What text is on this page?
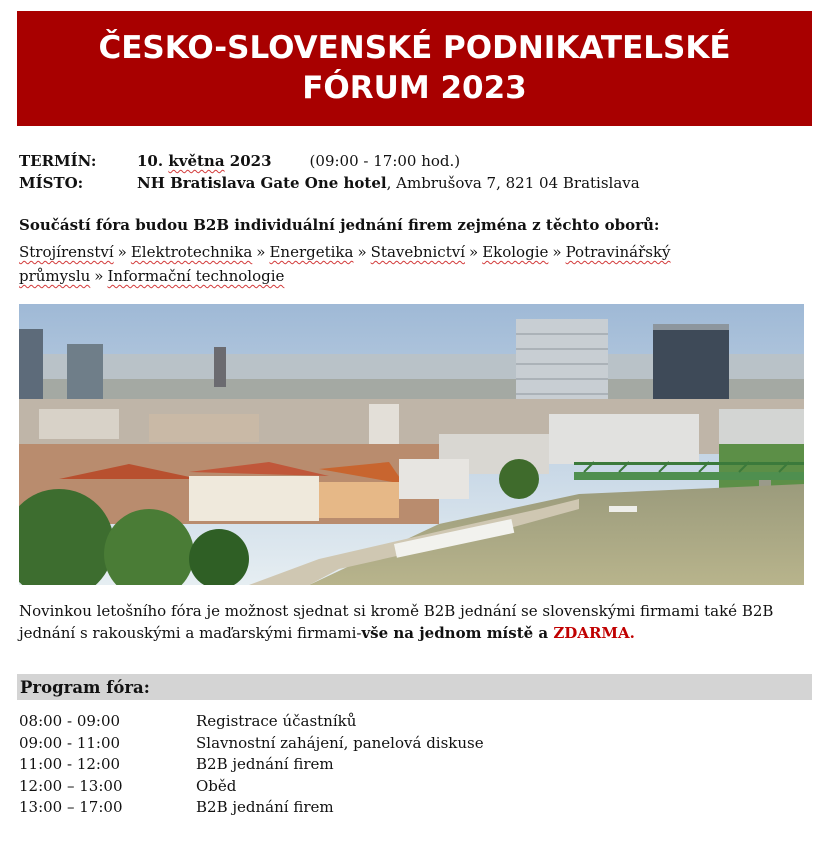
ČESKO-SLOVENSKÉ PODNIKATELSKÉ
FÓRUM 2023
TERMÍN:	10. května 2023	(09:00 - 17:00 hod.)
MÍSTO:	NH Bratislava Gate One hotel, Ambrušova 7, 821 04 Bratislava
Součástí fóra budou B2B individuální jednání firem zejména z těchto oborů:
Strojírenství » Elektrotechnika » Energetika » Stavebnictví » Ekologie » Potravinářský průmyslu » Informační technologie
Novinkou letošního fóra je možnost sjednat si kromě B2B jednání se slovenskými firmami také B2B jednání s rakouskými a maďarskými firmami-vše na jednom místě a ZDARMA.
Program fóra:
08:00 - 09:00	Registrace účastníků
09:00 - 11:00	Slavnostní zahájení, panelová diskuse
11:00 - 12:00	B2B jednání firem
12:00 – 13:00	Oběd
13:00 – 17:00	B2B jednání firem
